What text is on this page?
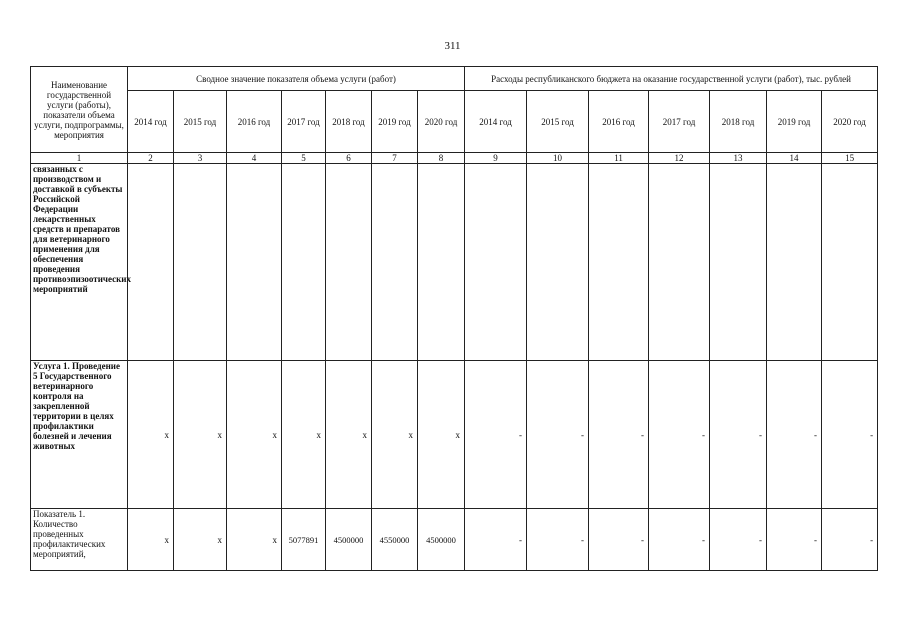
311
Наименование государственной услуги (работы), показатели объема услуги, подпрограммы, мероприятия	Сводное значение показателя объема услуги (работ)							Расходы республиканского бюджета на оказание государственной услуги (работ), тыс. рублей						
	2014 год	2015 год	2016 год	2017 год	2018 год	2019 год	2020 год	2014 год	2015 год	2016 год	2017 год	2018 год	2019 год	2020 год
1	2	3	4	5	6	7	8	9	10	11	12	13	14	15
связанных с производством и доставкой в субъекты Российской Федерации лекарственных средств и препаратов для ветеринарного применения для обеспечения проведения противоэпизоотических мероприятий														
Услуга 1. Проведение 5 Государственного ветеринарного контроля на закрепленной территории в целях профилактики болезней и лечения животных	x	x	x	x	x	x	x	-	-	-	-	-	-	-
Показатель 1. Количество проведенных профилактических мероприятий,	x	x	x	5077891	4500000	4550000	4500000	-	-	-	-	-	-	-
